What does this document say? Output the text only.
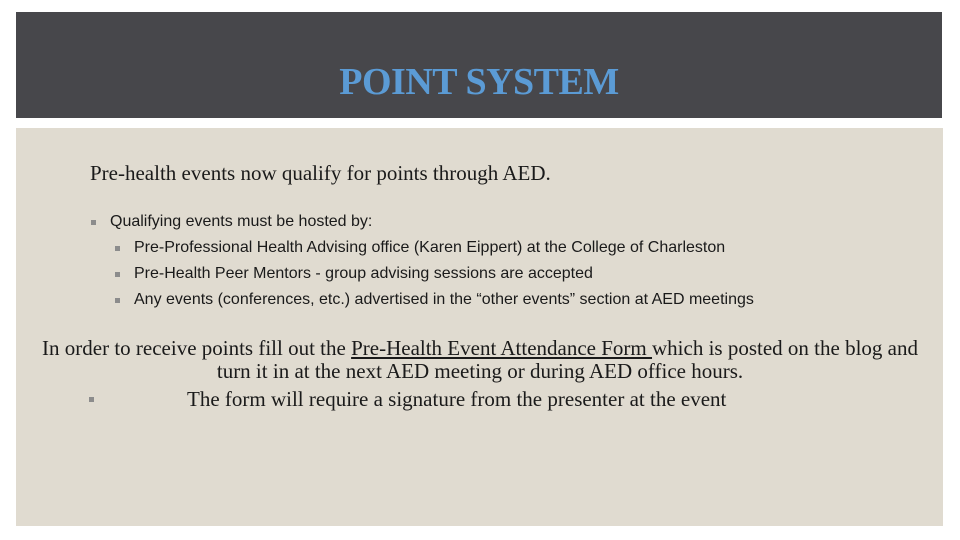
POINT SYSTEM
Pre-health events now qualify for points through AED.
Qualifying events must be hosted by:
Pre-Professional Health Advising office (Karen Eippert) at the College of Charleston
Pre-Health Peer Mentors - group advising sessions are accepted
Any events (conferences, etc.) advertised in the “other events” section at AED meetings
In order to receive points fill out the Pre-Health Event Attendance Form which is posted on the blog and turn it in at the next AED meeting or during AED office hours.
The form will require a signature from the presenter at the event
